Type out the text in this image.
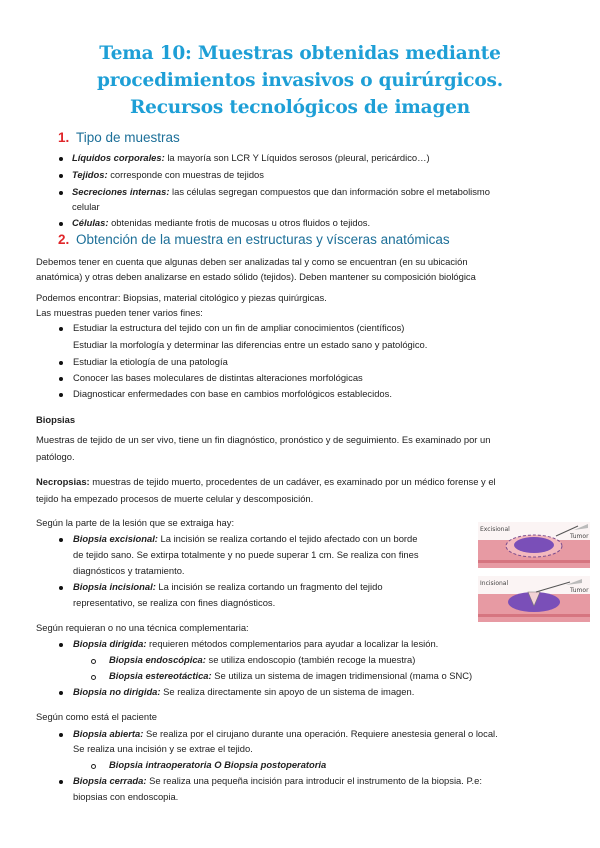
Tema 10: Muestras obtenidas mediante
procedimientos invasivos o quirúrgicos.
Recursos tecnológicos de imagen
1. Tipo de muestras
Líquidos corporales: la mayoría son LCR Y Líquidos serosos (pleural, pericárdico…)
Tejidos: corresponde con muestras de tejidos
Secreciones internas: las células segregan compuestos que dan información sobre el metabolismo
celular
Células: obtenidas mediante frotis de mucosas u otros fluidos o tejidos.
2. Obtención de la muestra en estructuras y vísceras anatómicas
Debemos tener en cuenta que algunas deben ser analizadas tal y como se encuentran (en su ubicación
anatómica) y otras deben analizarse en estado sólido (tejidos). Deben mantener su composición biológica
Podemos encontrar: Biopsias, material citológico y piezas quirúrgicas.
Las muestras pueden tener varios fines:
Estudiar la estructura del tejido con un fin de ampliar conocimientos (científicos)
Estudiar la morfología y determinar las diferencias entre un estado sano y patológico.
Estudiar la etiología de una patología
Conocer las bases moleculares de distintas alteraciones morfológicas
Diagnosticar enfermedades con base en cambios morfológicos establecidos.
Biopsias
Muestras de tejido de un ser vivo, tiene un fin diagnóstico, pronóstico y de seguimiento. Es examinado por un
patólogo.
Necropsias: muestras de tejido muerto, procedentes de un cadáver, es examinado por un médico forense y el
tejido ha empezado procesos de muerte celular y descomposición.
Según la parte de la lesión que se extraiga hay:
Biopsia excisional: La incisión se realiza cortando el tejido afectado con un borde
de tejido sano. Se extirpa totalmente y no puede superar 1 cm. Se realiza con fines
diagnósticos y tratamiento.
Biopsia incisional: La incisión se realiza cortando un fragmento del tejido
representativo, se realiza con fines diagnósticos.
Excisional
Tumor
Incisional
Tumor
Según requieran o no una técnica complementaria:
Biopsia dirigida: requieren métodos complementarios para ayudar a localizar la lesión.
Biopsia endoscópica: se utiliza endoscopio (también recoge la muestra)
Biopsia estereotáctica: Se utiliza un sistema de imagen tridimensional (mama o SNC)
Biopsia no dirigida: Se realiza directamente sin apoyo de un sistema de imagen.
Según como está el paciente
Biopsia abierta: Se realiza por el cirujano durante una operación. Requiere anestesia general o local.
Se realiza una incisión y se extrae el tejido.
Biopsia intraoperatoria O Biopsia postoperatoria
Biopsia cerrada: Se realiza una pequeña incisión para introducir el instrumento de la biopsia. P.e:
biopsias con endoscopia.
